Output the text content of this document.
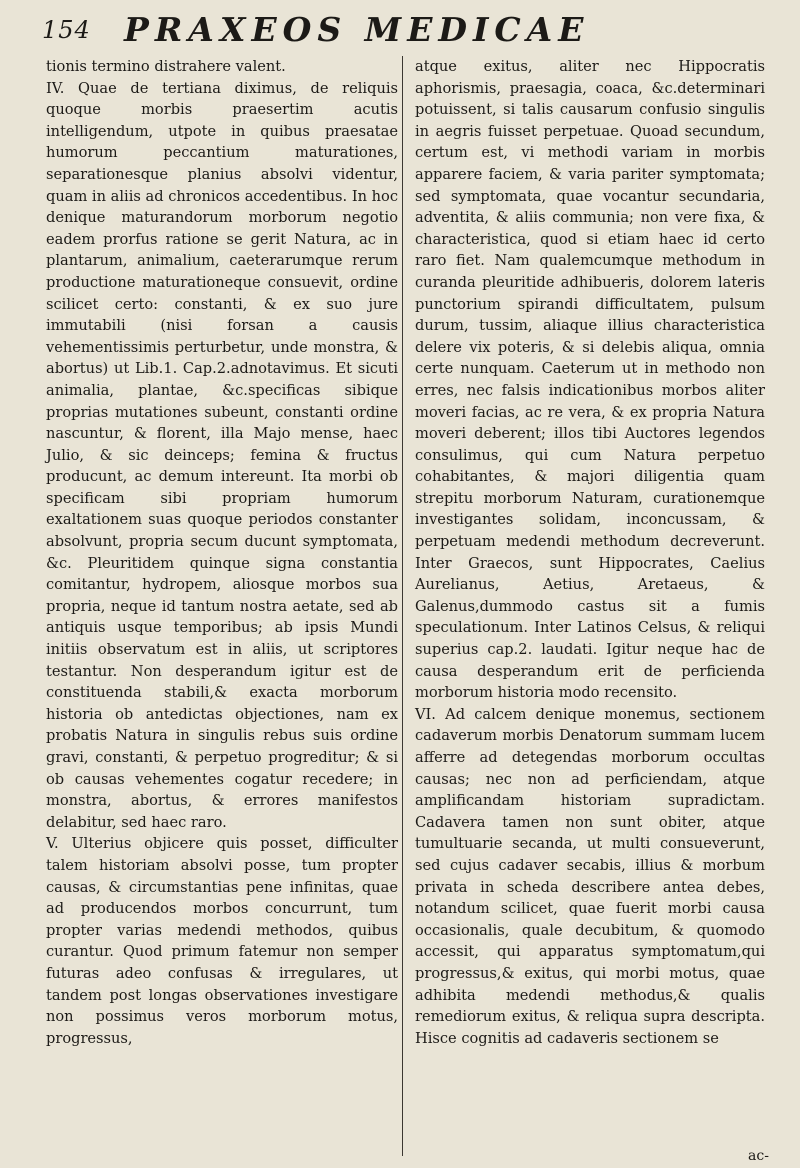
154 PRAXEOS MEDICAE

tionis termino distrahere valent.

IV. Quae de tertiana diximus, de reliquis quoque morbis praesertim acutis intelligendum, utpote in quibus praesatae humorum peccantium maturationes, separationesque planius absolvi videntur, quam in aliis ad chronicos accedentibus. In hoc denique maturandorum morborum negotio eadem prorfus ratione se gerit Natura, ac in plantarum, animalium, caeterarumque rerum productione maturationeque consuevit, ordine scilicet certo: constanti, & ex suo jure immutabili (nisi forsan a causis vehementissimis perturbetur, unde monstra, & abortus) ut Lib.1. Cap.2.adnotavimus. Et sicuti animalia, plantae, &c.specificas sibique proprias mutationes subeunt, constanti ordine nascuntur, & florent, illa Majo mense, haec Julio, & sic deinceps; femina & fructus producunt, ac demum intereunt. Ita morbi ob specificam sibi propriam humorum exaltationem suas quoque periodos constanter absolvunt, propria secum ducunt symptomata, &c. Pleuritidem quinque signa constantia comitantur, hydropem, aliosque morbos sua propria, neque id tantum nostra aetate, sed ab antiquis usque temporibus; ab ipsis Mundi initiis observatum est in aliis, ut scriptores testantur. Non desperandum igitur est de constituenda stabili,& exacta morborum historia ob antedictas objectiones, nam ex probatis Natura in singulis rebus suis ordine gravi, constanti, & perpetuo progreditur; & si ob causas vehementes cogatur recedere; in monstra, abortus, & errores manifestos delabitur, sed haec raro.

V. Ulterius objicere quis posset, difficulter talem historiam absolvi posse, tum propter causas, & circumstantias pene infinitas, quae ad producendos morbos concurrunt, tum propter varias medendi methodos, quibus curantur. Quod primum fatemur non semper futuras adeo confusas & irregulares, ut tandem post longas observationes investigare non possimus veros morborum motus, progressus,

atque exitus, aliter nec Hippocratis aphorismis, praesagia, coaca, &c.determinari potuissent, si talis causarum confusio singulis in aegris fuisset perpetuae. Quoad secundum, certum est, vi methodi variam in morbis apparere faciem, & varia pariter symptomata; sed symptomata, quae vocantur secundaria, adventita, & aliis communia; non vere fixa, & characteristica, quod si etiam haec id certo raro fiet. Nam qualemcumque methodum in curanda pleuritide adhibueris, dolorem lateris punctorium spirandi difficultatem, pulsum durum, tussim, aliaque illius characteristica delere vix poteris, & si delebis aliqua, omnia certe nunquam. Caeterum ut in methodo non erres, nec falsis indicationibus morbos aliter moveri facias, ac re vera, & ex propria Natura moveri deberent; illos tibi Auctores legendos consulimus, qui cum Natura perpetuo cohabitantes, & majori diligentia quam strepitu morborum Naturam, curationemque investigantes solidam, inconcussam, & perpetuam medendi methodum decreverunt. Inter Graecos, sunt Hippocrates, Caelius Aurelianus, Aetius, Aretaeus, & Galenus,dummodo castus sit a fumis speculationum. Inter Latinos Celsus, & reliqui superius cap.2. laudati. Igitur neque hac de causa desperandum erit de perficienda morborum historia modo recensito.

VI. Ad calcem denique monemus, sectionem cadaverum morbis Denatorum summam lucem afferre ad detegendas morborum occultas causas; nec non ad perficiendam, atque amplificandam historiam supradictam. Cadavera tamen non sunt obiter, atque tumultuarie secanda, ut multi consueverunt, sed cujus cadaver secabis, illius & morbum privata in scheda describere antea debes, notandum scilicet, quae fuerit morbi causa occasionalis, quale decubitum, & quomodo accessit, qui apparatus symptomatum,qui progressus,& exitus, qui morbi motus, quae adhibita medendi methodus,& qualis remediorum exitus, & reliqua supra descripta. Hisce cognitis ad cadaveris sectionem se

ac-
